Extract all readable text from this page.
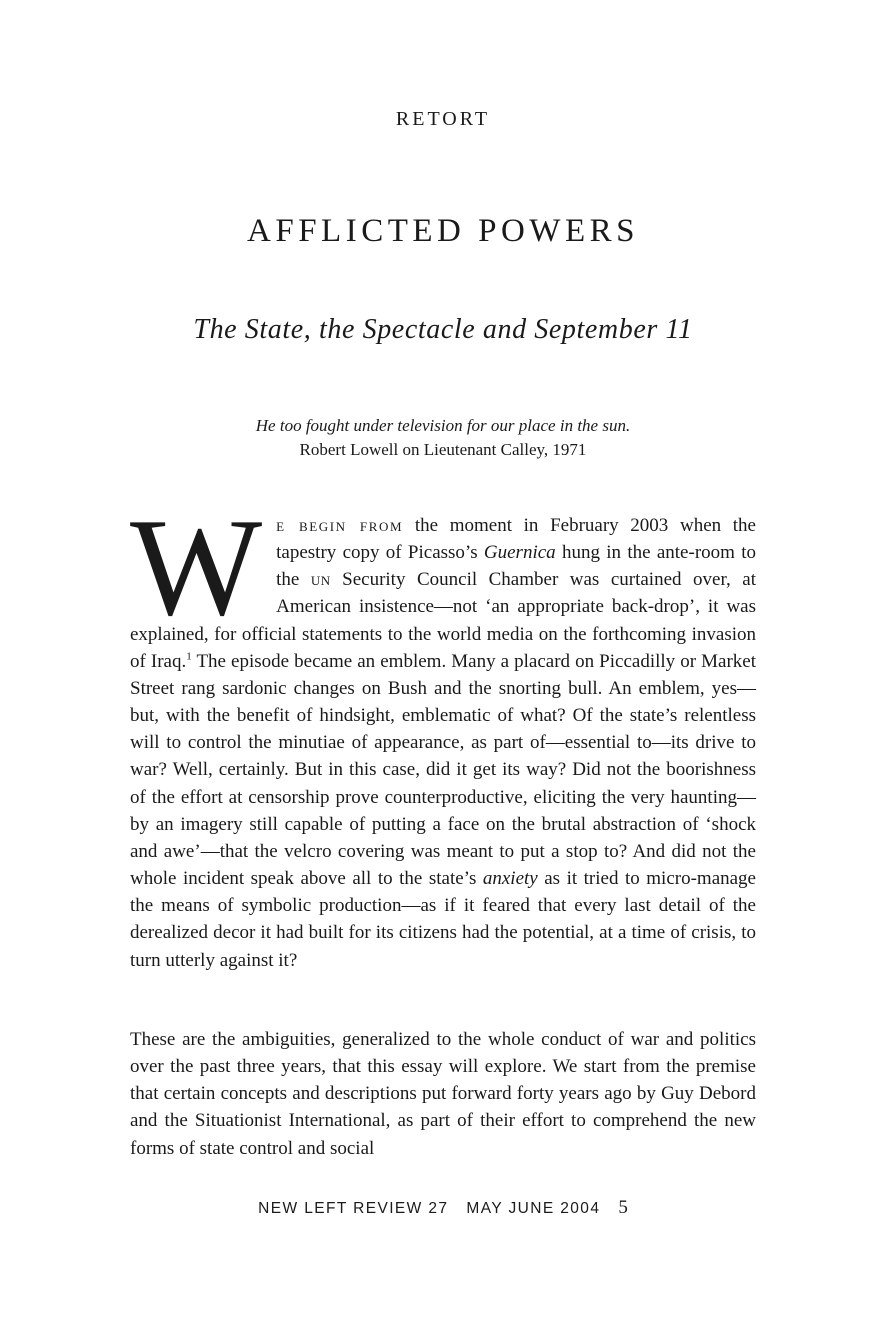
RETORT
AFFLICTED POWERS
The State, the Spectacle and September 11
He too fought under television for our place in the sun.
Robert Lowell on Lieutenant Calley, 1971

We begin from the moment in February 2003 when the tapestry copy of Picasso’s Guernica hung in the ante-room to the un Security Council Chamber was curtained over, at American insistence—not ‘an appropriate back-drop’, it was explained, for official statements to the world media on the forthcoming invasion of Iraq.$^1$ The episode became an emblem. Many a placard on Piccadilly or Market Street rang sardonic changes on Bush and the snorting bull. An emblem, yes—but, with the benefit of hindsight, emblematic of what? Of the state’s relentless will to control the minutiae of appearance, as part of—essential to—its drive to war? Well, certainly. But in this case, did it get its way? Did not the boorishness of the effort at censorship prove counterproductive, eliciting the very haunting—by an imagery still capable of putting a face on the brutal abstraction of ‘shock and awe’—that the velcro covering was meant to put a stop to? And did not the whole incident speak above all to the state’s anxiety as it tried to micro-manage the means of symbolic production—as if it feared that every last detail of the derealized decor it had built for its citizens had the potential, at a time of crisis, to turn utterly against it?

These are the ambiguities, generalized to the whole conduct of war and politics over the past three years, that this essay will explore. We start from the premise that certain concepts and descriptions put forward forty years ago by Guy Debord and the Situationist International, as part of their effort to comprehend the new forms of state control and social

NEW LEFT REVIEW 27 MAY JUNE 2004 5
